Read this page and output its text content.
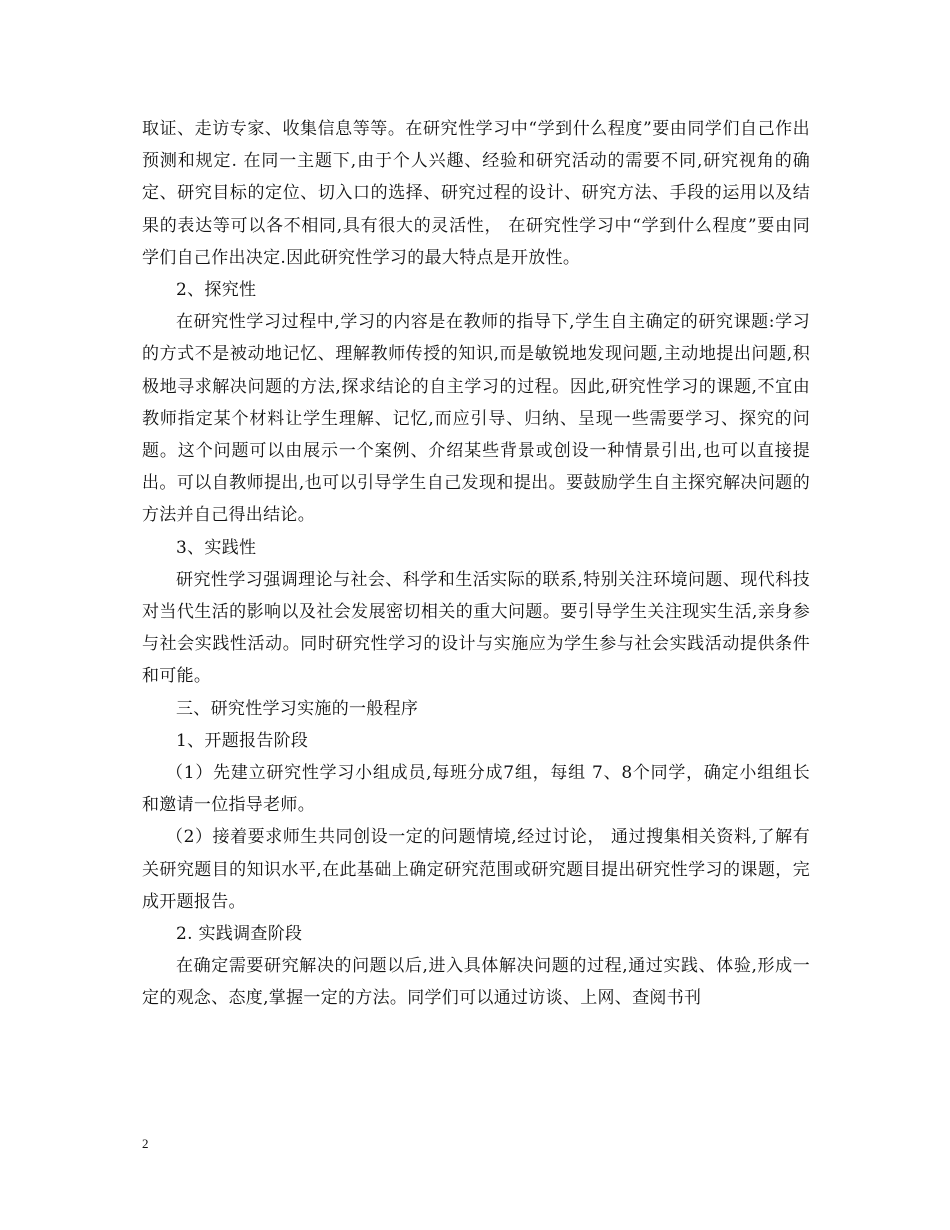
取证、走访专家、收集信息等等。在研究性学习中“学到什么程度”要由同学们自己作出预测和规定. 在同一主题下,由于个人兴趣、经验和研究活动的需要不同,研究视角的确定、研究目标的定位、切入口的选择、研究过程的设计、研究方法、手段的运用以及结果的表达等可以各不相同,具有很大的灵活性， 在研究性学习中“学到什么程度”要由同学们自己作出决定.因此研究性学习的最大特点是开放性。

2、探究性

在研究性学习过程中,学习的内容是在教师的指导下,学生自主确定的研究课题:学习的方式不是被动地记忆、理解教师传授的知识,而是敏锐地发现问题,主动地提出问题,积极地寻求解决问题的方法,探求结论的自主学习的过程。因此,研究性学习的课题,不宜由教师指定某个材料让学生理解、记忆,而应引导、归纳、呈现一些需要学习、探究的问题。这个问题可以由展示一个案例、介绍某些背景或创设一种情景引出,也可以直接提出。可以自教师提出,也可以引导学生自己发现和提出。要鼓励学生自主探究解决问题的方法并自己得出结论。

3、实践性

研究性学习强调理论与社会、科学和生活实际的联系,特别关注环境问题、现代科技对当代生活的影响以及社会发展密切相关的重大问题。要引导学生关注现实生活,亲身参与社会实践性活动。同时研究性学习的设计与实施应为学生参与社会实践活动提供条件和可能。

三、研究性学习实施的一般程序

1、开题报告阶段

（1）先建立研究性学习小组成员,每班分成7组，每组 7、8个同学，确定小组组长和邀请一位指导老师。

（2）接着要求师生共同创设一定的问题情境,经过讨论， 通过搜集相关资料,了解有关研究题目的知识水平,在此基础上确定研究范围或研究题目提出研究性学习的课题，完成开题报告。

2. 实践调查阶段

在确定需要研究解决的问题以后,进入具体解决问题的过程,通过实践、体验,形成一定的观念、态度,掌握一定的方法。同学们可以通过访谈、上网、查阅书刊

2
